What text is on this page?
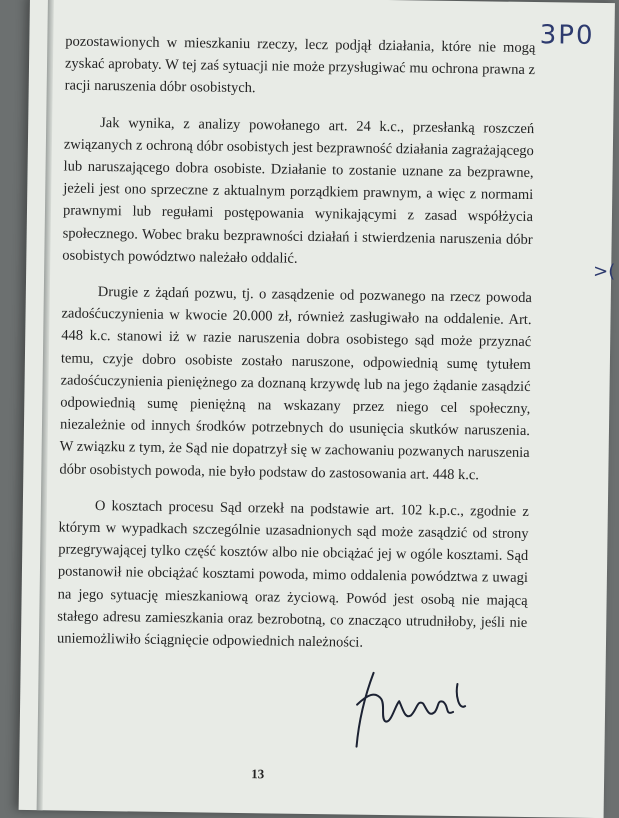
3P0
>(

pozostawionych w mieszkaniu rzeczy, lecz podjął działania, które nie mogą zyskać aprobaty. W tej zaś sytuacji nie może przysługiwać mu ochrona prawna z racji naruszenia dóbr osobistych.

Jak wynika, z analizy powołanego art. 24 k.c., przesłanką roszczeń związanych z ochroną dóbr osobistych jest bezprawność działania zagrażającego lub naruszającego dobra osobiste. Działanie to zostanie uznane za bezprawne, jeżeli jest ono sprzeczne z aktualnym porządkiem prawnym, a więc z normami prawnymi lub regułami postępowania wynikającymi z zasad współżycia społecznego. Wobec braku bezprawności działań i stwierdzenia naruszenia dóbr osobistych powództwo należało oddalić.

Drugie z żądań pozwu, tj. o zasądzenie od pozwanego na rzecz powoda zadośćuczynienia w kwocie 20.000 zł, również zasługiwało na oddalenie. Art. 448 k.c. stanowi iż w razie naruszenia dobra osobistego sąd może przyznać temu, czyje dobro osobiste zostało naruszone, odpowiednią sumę tytułem zadośćuczynienia pieniężnego za doznaną krzywdę lub na jego żądanie zasądzić odpowiednią sumę pieniężną na wskazany przez niego cel społeczny, niezależnie od innych środków potrzebnych do usunięcia skutków naruszenia. W związku z tym, że Sąd nie dopatrzył się w zachowaniu pozwanych naruszenia dóbr osobistych powoda, nie było podstaw do zastosowania art. 448 k.c.

O kosztach procesu Sąd orzekł na podstawie art. 102 k.p.c., zgodnie z którym w wypadkach szczególnie uzasadnionych sąd może zasądzić od strony przegrywającej tylko część kosztów albo nie obciążać jej w ogóle kosztami. Sąd postanowił nie obciążać kosztami powoda, mimo oddalenia powództwa z uwagi na jego sytuację mieszkaniową oraz życiową. Powód jest osobą nie mającą stałego adresu zamieszkania oraz bezrobotną, co znacząco utrudniłoby, jeśli nie uniemożliwiło ściągnięcie odpowiednich należności.

13
